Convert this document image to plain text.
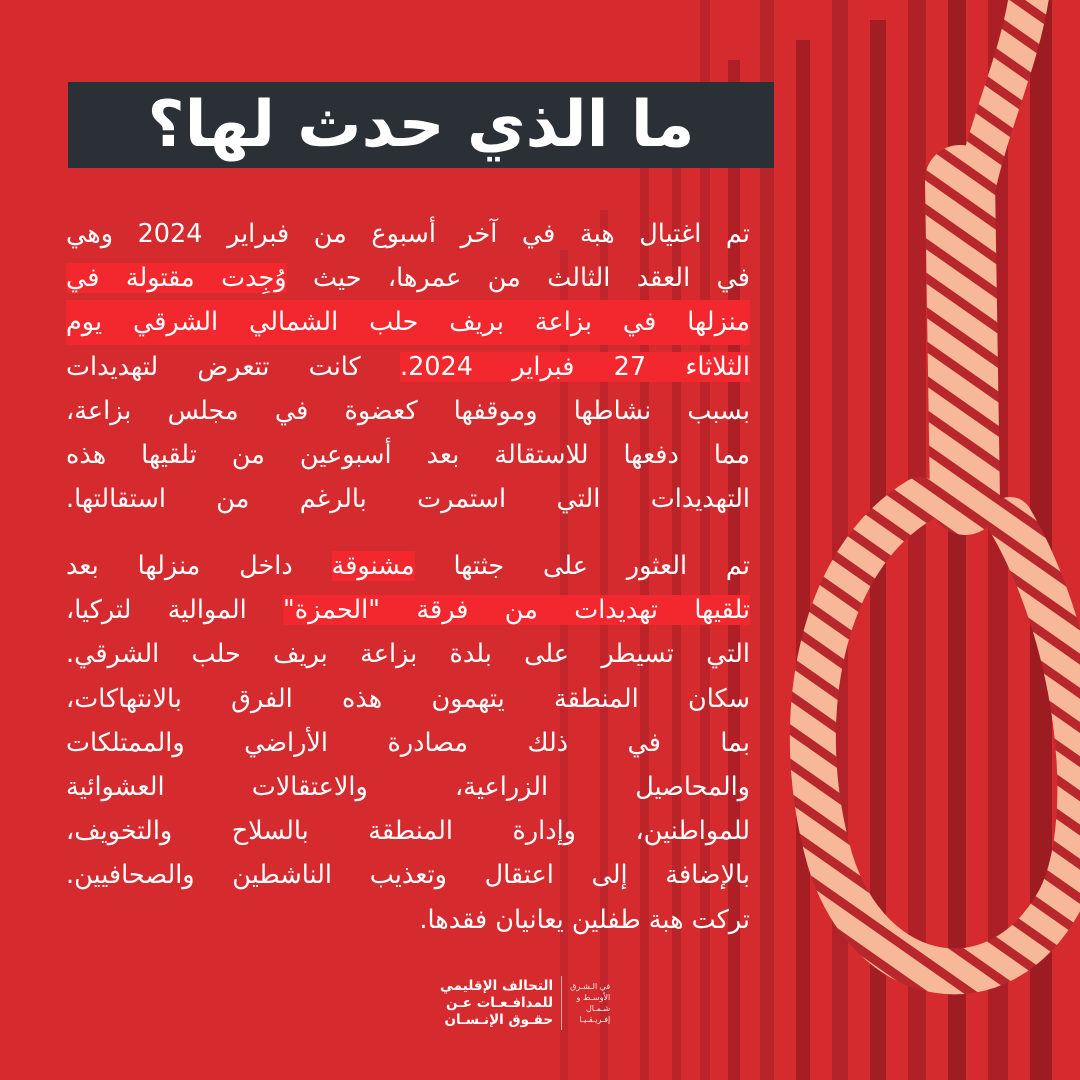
ما الذي حدث لها؟
تم اغتيال هبة في آخر أسبوع من فبراير 2024 وهي
في العقد الثالث من عمرها، حيث وُجِدت مقتولة في
منزلها في بزاعة بريف حلب الشمالي الشرقي يوم
الثلاثاء 27 فبراير 2024. كانت تتعرض لتهديدات
بسبب نشاطها وموقفها كعضوة في مجلس بزاعة،
مما دفعها للاستقالة بعد أسبوعين من تلقيها هذه
التهديدات التي استمرت بالرغم من استقالتها.
تم العثور على جثتها مشنوقة داخل منزلها بعد
تلقيها تهديدات من فرقة "الحمزة" الموالية لتركيا،
التي تسيطر على بلدة بزاعة بريف حلب الشرقي.
سكان المنطقة يتهمون هذه الفرق بالانتهاكات،
بما في ذلك مصادرة الأراضي والممتلكات
والمحاصيل الزراعية، والاعتقالات العشوائية
للمواطنين، وإدارة المنطقة بالسلاح والتخويف،
بالإضافة إلى اعتقال وتعذيب الناشطين والصحافيين.
تركت هبة طفلين يعانيان فقدها.
التحالف الإقليمي
للمدافـعـات عـن
حقـوق الإنـسـان
في الـشـرق
الأوسـط و
شـمـال
إفـريـقـيـا
